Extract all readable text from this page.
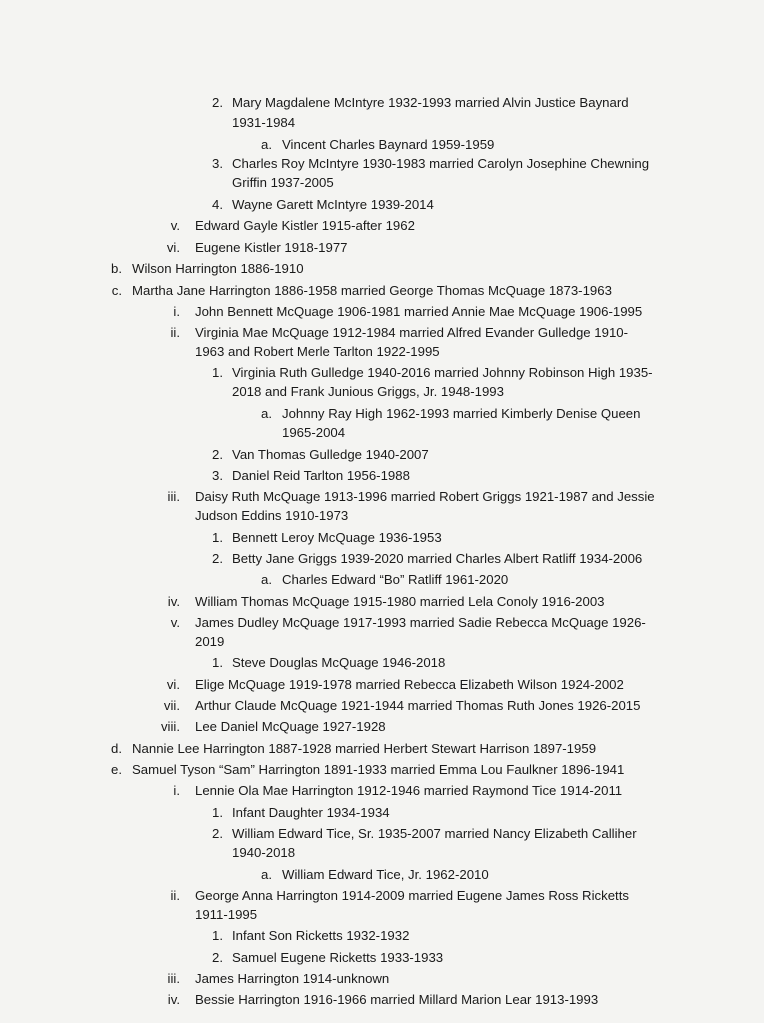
2. Mary Magdalene McIntyre 1932-1993 married Alvin Justice Baynard
1931-1984
a. Vincent Charles Baynard 1959-1959
3. Charles Roy McIntyre 1930-1983 married Carolyn Josephine Chewning
Griffin 1937-2005
4. Wayne Garett McIntyre 1939-2014
v. Edward Gayle Kistler 1915-after 1962
vi. Eugene Kistler 1918-1977
b. Wilson Harrington 1886-1910
c. Martha Jane Harrington 1886-1958 married George Thomas McQuage 1873-1963
i. John Bennett McQuage 1906-1981 married Annie Mae McQuage 1906-1995
ii. Virginia Mae McQuage 1912-1984 married Alfred Evander Gulledge 1910-
1963 and Robert Merle Tarlton 1922-1995
1. Virginia Ruth Gulledge 1940-2016 married Johnny Robinson High 1935-
2018 and Frank Junious Griggs, Jr. 1948-1993
a. Johnny Ray High 1962-1993 married Kimberly Denise Queen
1965-2004
2. Van Thomas Gulledge 1940-2007
3. Daniel Reid Tarlton 1956-1988
iii. Daisy Ruth McQuage 1913-1996 married Robert Griggs 1921-1987 and Jessie
Judson Eddins 1910-1973
1. Bennett Leroy McQuage 1936-1953
2. Betty Jane Griggs 1939-2020 married Charles Albert Ratliff 1934-2006
a. Charles Edward “Bo” Ratliff 1961-2020
iv. William Thomas McQuage 1915-1980 married Lela Conoly 1916-2003
v. James Dudley McQuage 1917-1993 married Sadie Rebecca McQuage 1926-
2019
1. Steve Douglas McQuage 1946-2018
vi. Elige McQuage 1919-1978 married Rebecca Elizabeth Wilson 1924-2002
vii. Arthur Claude McQuage 1921-1944 married Thomas Ruth Jones 1926-2015
viii. Lee Daniel McQuage 1927-1928
d. Nannie Lee Harrington 1887-1928 married Herbert Stewart Harrison 1897-1959
e. Samuel Tyson “Sam” Harrington 1891-1933 married Emma Lou Faulkner 1896-1941
i. Lennie Ola Mae Harrington 1912-1946 married Raymond Tice 1914-2011
1. Infant Daughter 1934-1934
2. William Edward Tice, Sr. 1935-2007 married Nancy Elizabeth Calliher
1940-2018
a. William Edward Tice, Jr. 1962-2010
ii. George Anna Harrington 1914-2009 married Eugene James Ross Ricketts
1911-1995
1. Infant Son Ricketts 1932-1932
2. Samuel Eugene Ricketts 1933-1933
iii. James Harrington 1914-unknown
iv. Bessie Harrington 1916-1966 married Millard Marion Lear 1913-1993
